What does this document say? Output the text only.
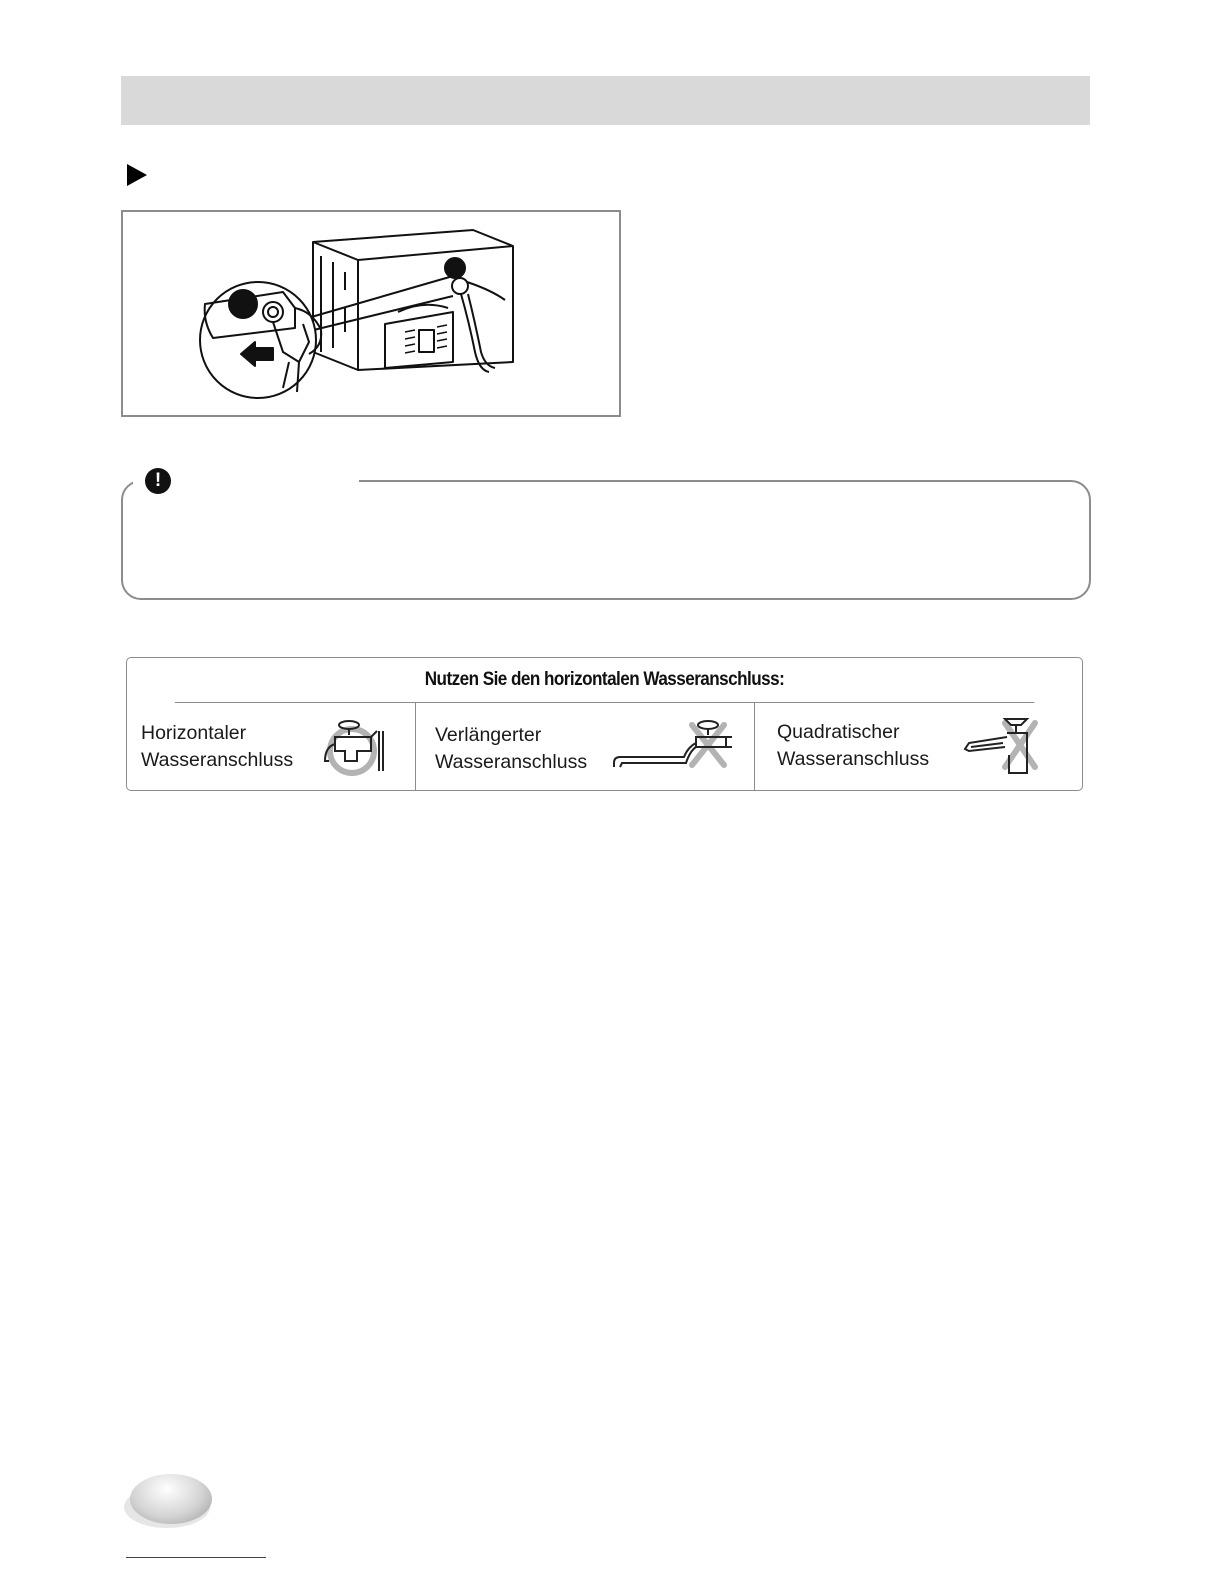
!
Nutzen Sie den horizontalen Wasseranschluss:
Horizontaler
Wasseranschluss
Verlängerter
Wasseranschluss
Quadratischer
Wasseranschluss
